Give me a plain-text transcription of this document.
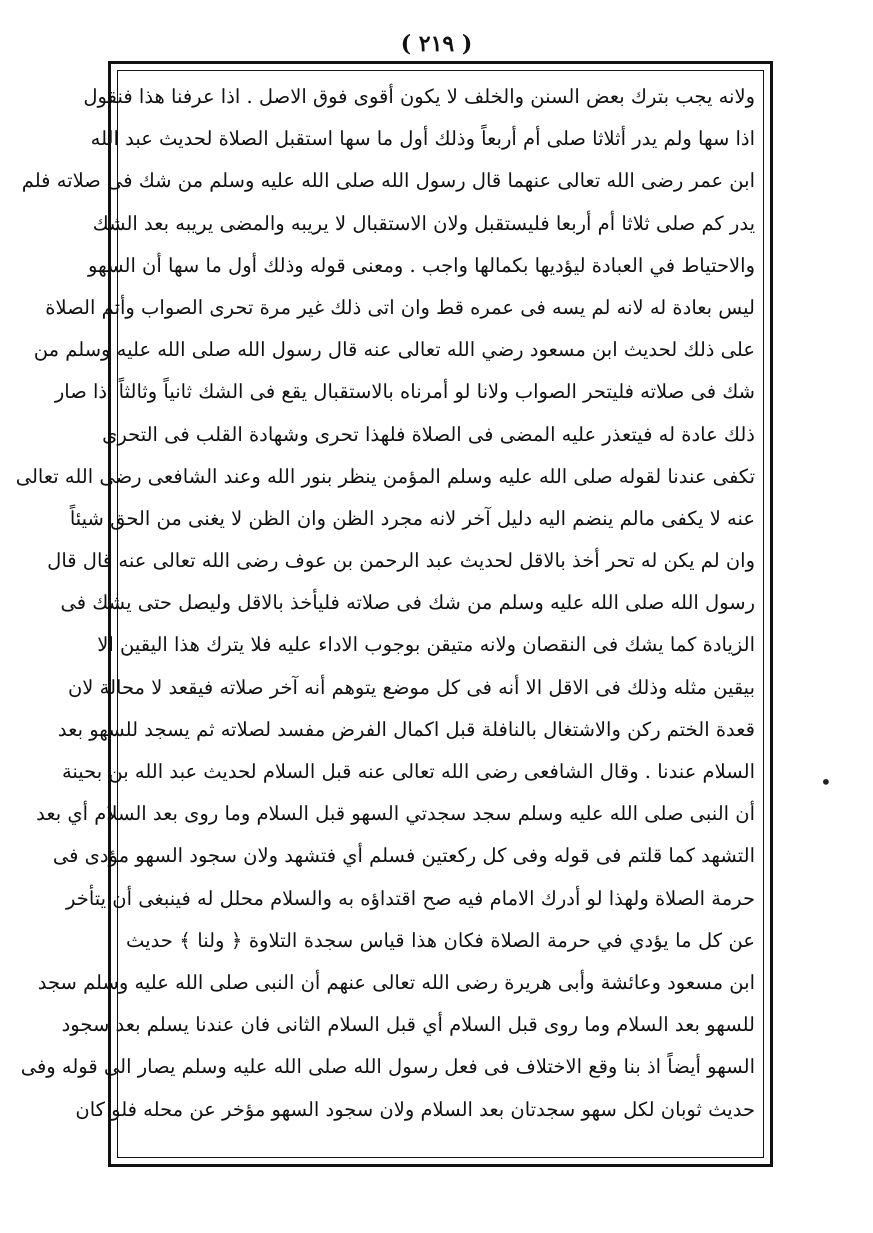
( ٢١٩ )
ولانه يجب بترك بعض السنن والخلف لا يكون أقوى فوق الاصل . اذا عرفنا هذا فنقول
اذا سها ولم يدر أثلاثا صلى أم أربعاً وذلك أول ما سها استقبل الصلاة لحديث عبد الله
ابن عمر رضى الله تعالى عنهما قال رسول الله صلى الله عليه وسلم من شك فى صلاته فلم
يدر كم صلى ثلاثا أم أربعا فليستقبل ولان الاستقبال لا يريبه والمضى يريبه بعد الشك
والاحتياط في العبادة ليؤديها بكمالها واجب . ومعنى قوله وذلك أول ما سها أن السهو
ليس بعادة له لانه لم يسه فى عمره قط وان اتى ذلك غير مرة تحرى الصواب وأتم الصلاة
على ذلك لحديث ابن مسعود رضي الله تعالى عنه قال رسول الله صلى الله عليه وسلم من
شك فى صلاته فليتحر الصواب ولانا لو أمرناه بالاستقبال يقع فى الشك ثانياً وثالثاً اذا صار
ذلك عادة له فيتعذر عليه المضى فى الصلاة فلهذا تحرى وشهادة القلب فى التحرى
تكفى عندنا لقوله صلى الله عليه وسلم المؤمن ينظر بنور الله وعند الشافعى رضى الله تعالى
عنه لا يكفى مالم ينضم اليه دليل آخر لانه مجرد الظن وان الظن لا يغنى من الحق شيئاً
وان لم يكن له تحر أخذ بالاقل لحديث عبد الرحمن بن عوف رضى الله تعالى عنه قال قال
رسول الله صلى الله عليه وسلم من شك فى صلاته فليأخذ بالاقل وليصل حتى يشك فى
الزيادة كما يشك فى النقصان ولانه متيقن بوجوب الاداء عليه فلا يترك هذا اليقين الا
بيقين مثله وذلك فى الاقل الا أنه فى كل موضع يتوهم أنه آخر صلاته فيقعد لا محالة لان
قعدة الختم ركن والاشتغال بالنافلة قبل اكمال الفرض مفسد لصلاته ثم يسجد للسهو بعد
السلام عندنا . وقال الشافعى رضى الله تعالى عنه قبل السلام لحديث عبد الله بن بحينة
أن النبى صلى الله عليه وسلم سجد سجدتي السهو قبل السلام وما روى بعد السلام أي بعد
التشهد كما قلتم فى قوله وفى كل ركعتين فسلم أي فتشهد ولان سجود السهو مؤدى فى
حرمة الصلاة ولهذا لو أدرك الامام فيه صح اقتداؤه به والسلام محلل له فينبغى أن يتأخر
عن كل ما يؤدي في حرمة الصلاة فكان هذا قياس سجدة التلاوة ﴿ ولنا ﴾ حديث
ابن مسعود وعائشة وأبى هريرة رضى الله تعالى عنهم أن النبى صلى الله عليه وسلم سجد
للسهو بعد السلام وما روى قبل السلام أي قبل السلام الثانى فان عندنا يسلم بعد سجود
السهو أيضاً اذ بنا وقع الاختلاف فى فعل رسول الله صلى الله عليه وسلم يصار الى قوله وفى
حديث ثوبان لكل سهو سجدتان بعد السلام ولان سجود السهو مؤخر عن محله فلو كان
•
